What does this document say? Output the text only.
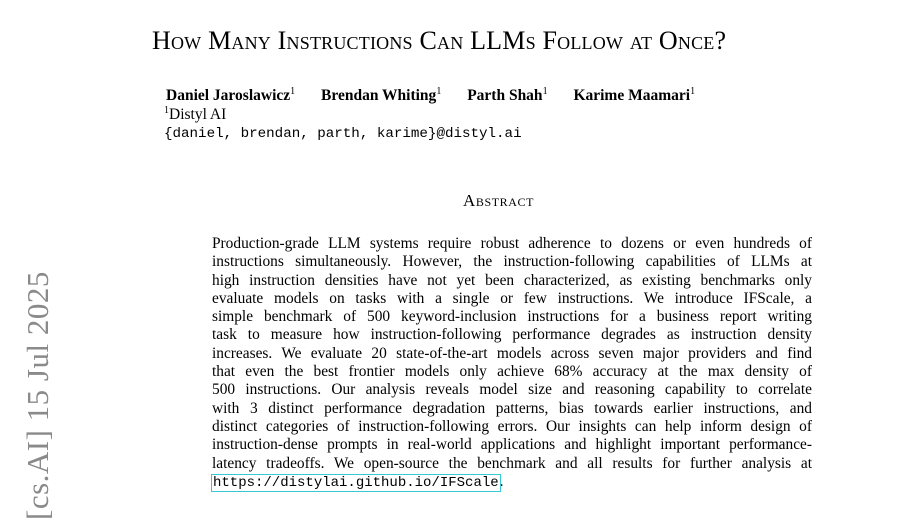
[cs.AI] 15 Jul 2025
How Many Instructions Can LLMs Follow at Once?
Daniel Jaroslawicz$^1$ Brendan Whiting$^1$ Parth Shah$^1$ Karime Maamari$^1$
$^1$Distyl AI
{daniel, brendan, parth, karime}@distyl.ai
Abstract
Production-grade LLM systems require robust adherence to dozens or even hundreds of
instructions simultaneously. However, the instruction-following capabilities of LLMs at
high instruction densities have not yet been characterized, as existing benchmarks only
evaluate models on tasks with a single or few instructions. We introduce IFScale, a
simple benchmark of 500 keyword-inclusion instructions for a business report writing
task to measure how instruction-following performance degrades as instruction density
increases. We evaluate 20 state-of-the-art models across seven major providers and find
that even the best frontier models only achieve 68% accuracy at the max density of
500 instructions. Our analysis reveals model size and reasoning capability to correlate
with 3 distinct performance degradation patterns, bias towards earlier instructions, and
distinct categories of instruction-following errors. Our insights can help inform design of
instruction-dense prompts in real-world applications and highlight important performance-
latency tradeoffs. We open-source the benchmark and all results for further analysis at
https://distylai.github.io/IFScale.
